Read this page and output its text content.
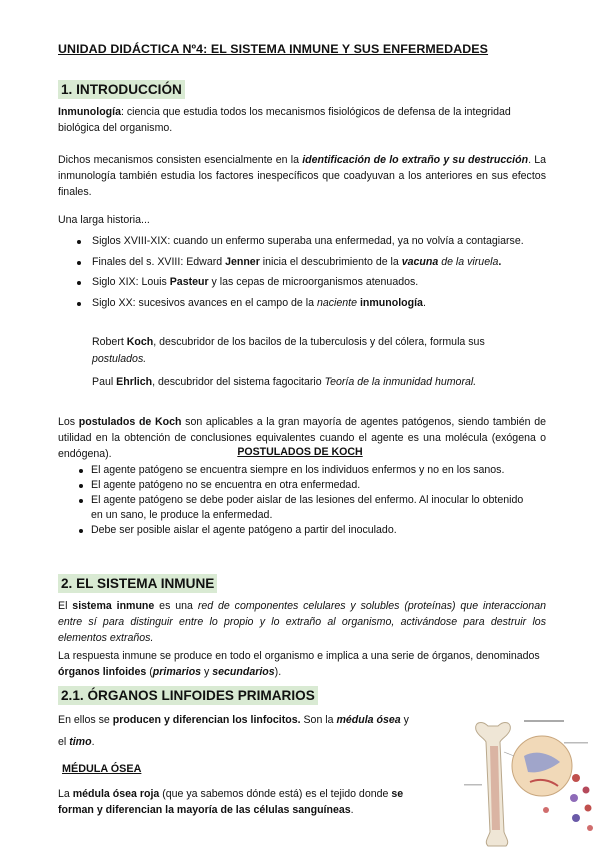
UNIDAD DIDÁCTICA Nº4: EL SISTEMA INMUNE Y SUS ENFERMEDADES
1. INTRODUCCIÓN

Inmunología: ciencia que estudia todos los mecanismos fisiológicos de defensa de la integridad biológica del organismo.

Dichos mecanismos consisten esencialmente en la identificación de lo extraño y su destrucción. La inmunología también estudia los factores inespecíficos que coadyuvan a los anteriores en sus efectos finales.

Una larga historia...

Siglos XVIII-XIX: cuando un enfermo superaba una enfermedad, ya no volvía a contagiarse.
Finales del s. XVIII: Edward Jenner inicia el descubrimiento de la vacuna de la viruela.
Siglo XIX: Louis Pasteur y las cepas de microorganismos atenuados.
Siglo XX: sucesivos avances en el campo de la naciente inmunología.
Robert Koch, descubridor de los bacilos de la tuberculosis y del cólera, formula sus postulados.
Paul Ehrlich, descubridor del sistema fagocitario Teoría de la inmunidad humoral.

Los postulados de Koch son aplicables a la gran mayoría de agentes patógenos, siendo también de utilidad en la obtención de conclusiones equivalentes cuando el agente es una molécula (exógena o endógena).	POSTULADOS DE KOCH
El agente patógeno se encuentra siempre en los individuos enfermos y no en los sanos.
El agente patógeno no se encuentra en otra enfermedad.
El agente patógeno se debe poder aislar de las lesiones del enfermo. Al inocular lo obtenido en un sano, le produce la enfermedad.
Debe ser posible aislar el agente patógeno a partir del inoculado.
2. EL SISTEMA INMUNE

El sistema inmune es una red de componentes celulares y solubles (proteínas) que interaccionan entre sí para distinguir entre lo propio y lo extraño al organismo, activándose para destruir los elementos extraños.

La respuesta inmune se produce en todo el organismo e implica a una serie de órganos, denominados órganos linfoides (primarios y secundarios).

2.1. ÓRGANOS LINFOIDES PRIMARIOS

En ellos se producen y diferencian los linfocitos. Son la médula ósea y

el timo.

MÉDULA ÓSEA

La médula ósea roja (que ya sabemos dónde está) es el tejido donde se forman y diferencian la mayoría de las células sanguíneas.
